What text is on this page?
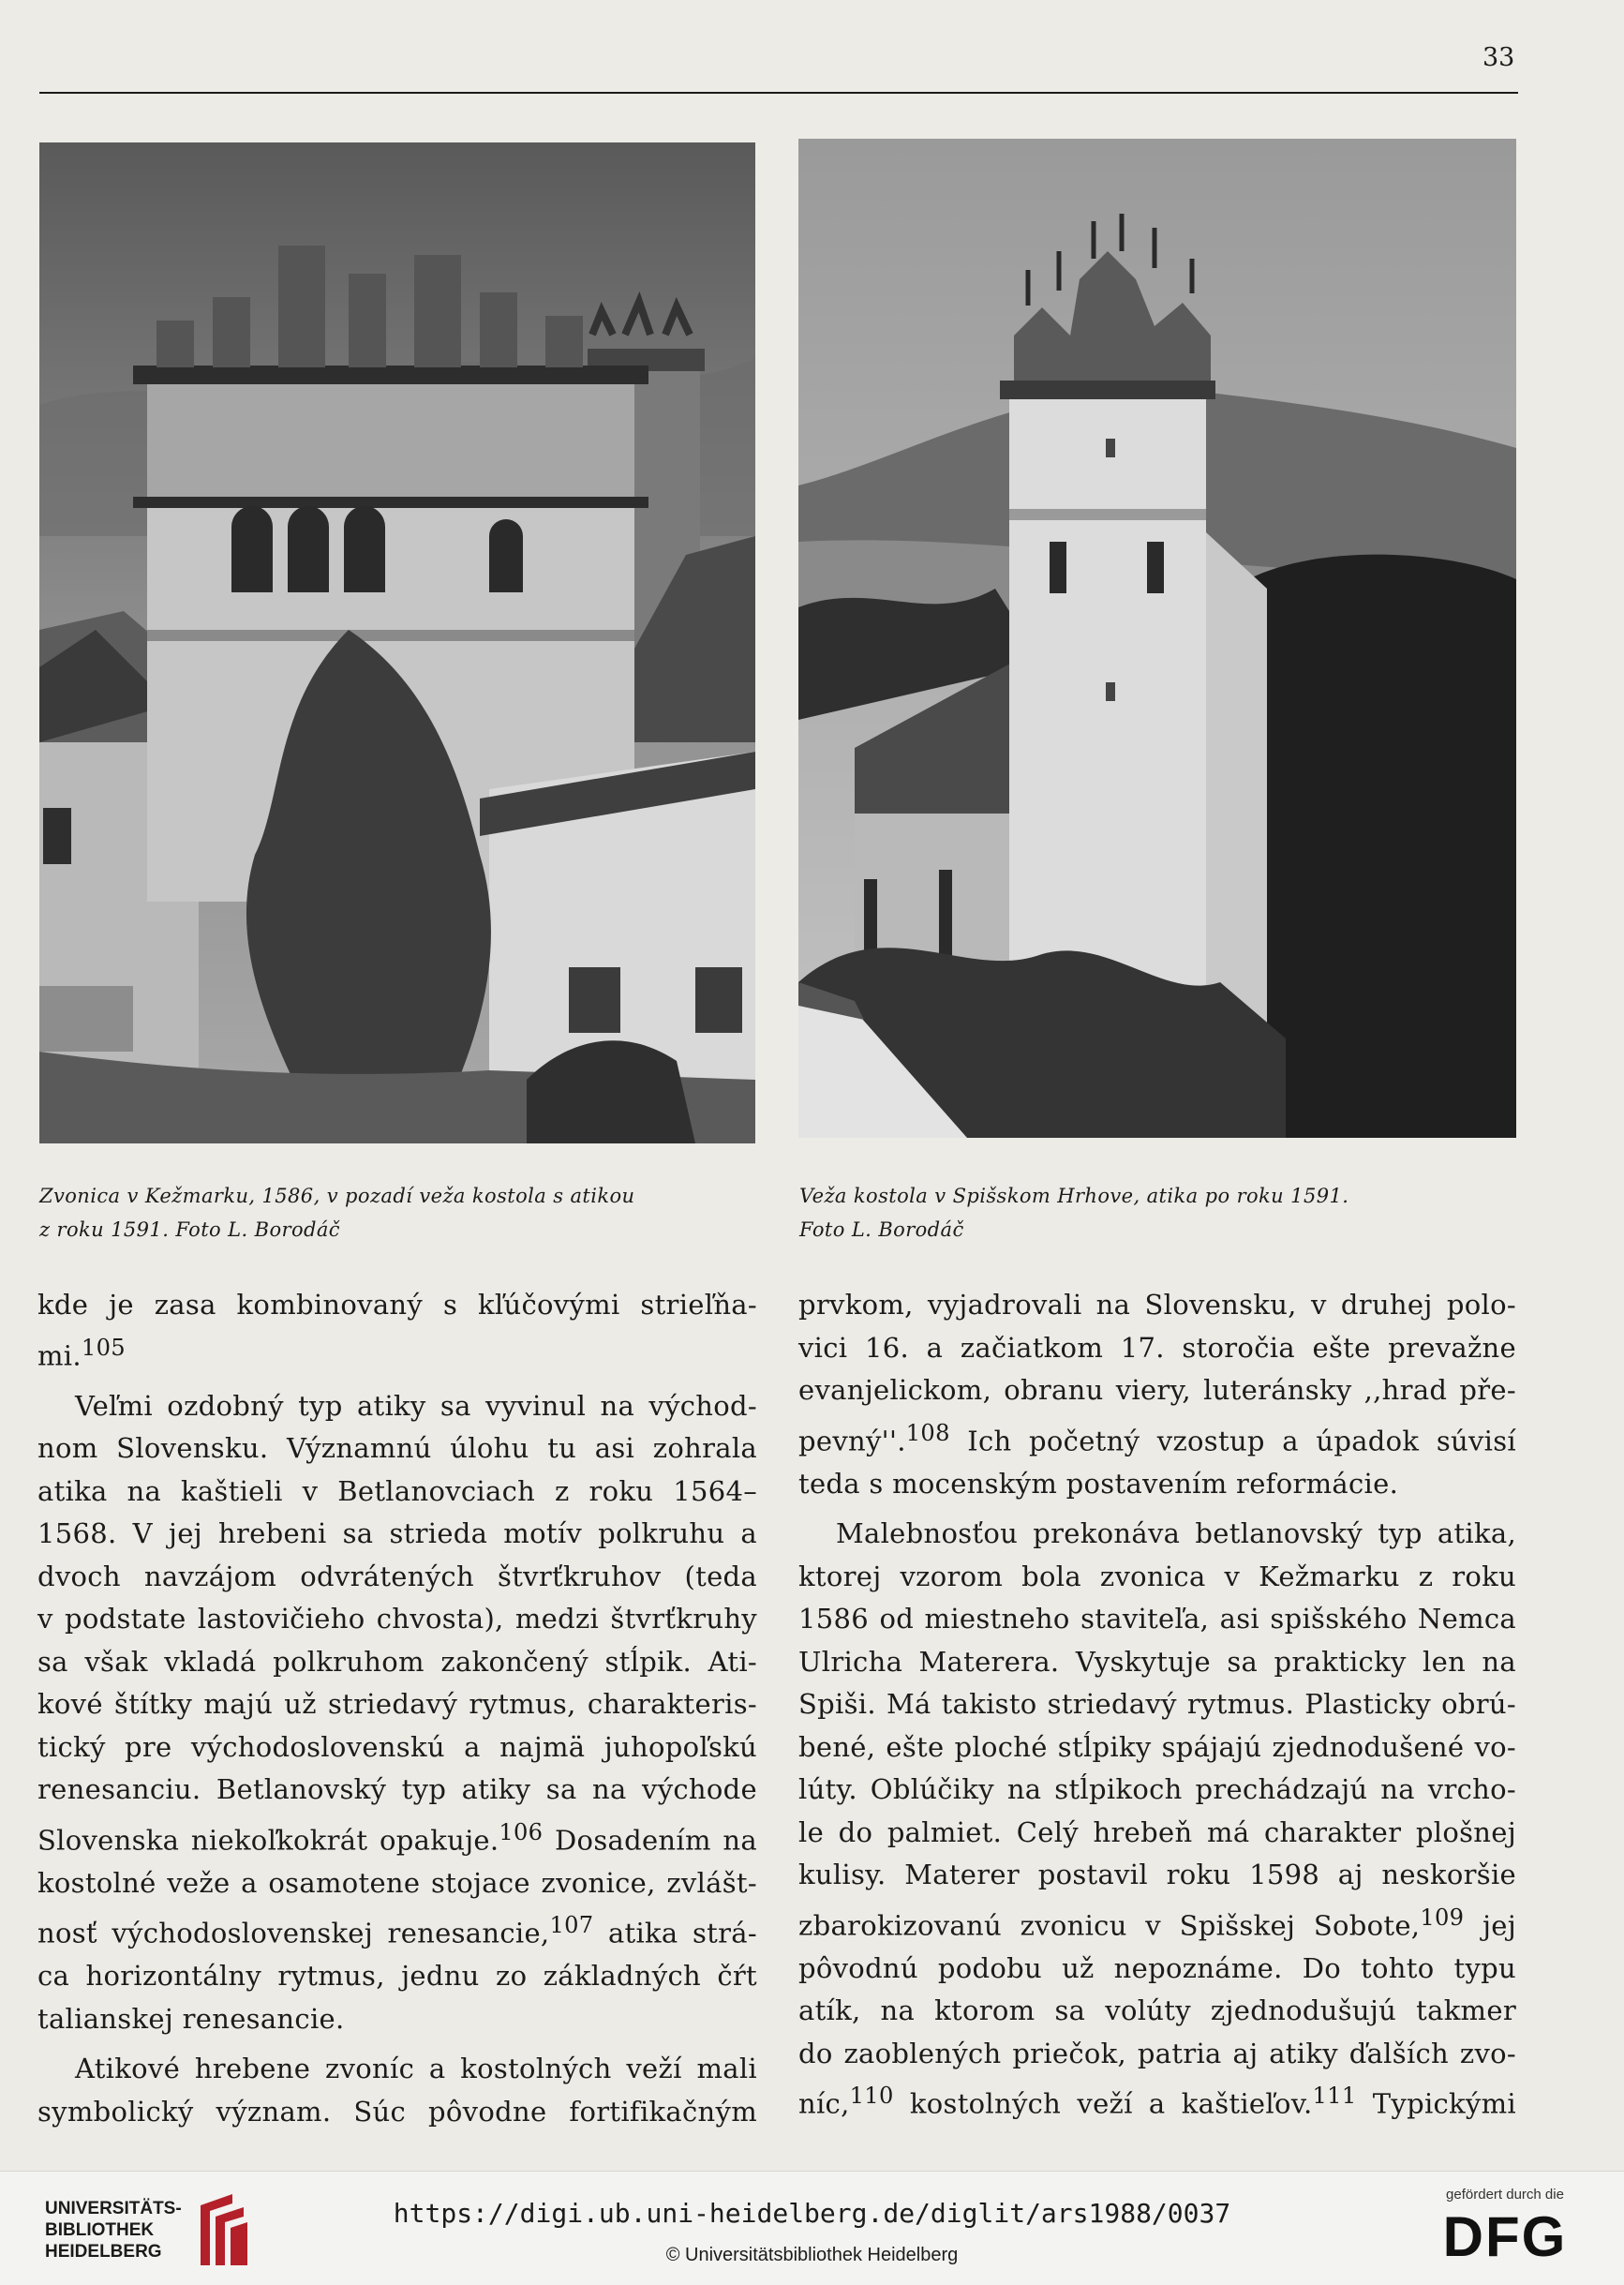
33
Zvonica v Kežmarku, 1586, v pozadí veža kostola s atikou
z roku 1591. Foto L. Borodáč
Veža kostola v Spišskom Hrhove, atika po roku 1591.
Foto L. Borodáč
kde je zasa kombinovaný s kľúčovými strieľňa-
mi.$^{105}$
Veľmi ozdobný typ atiky sa vyvinul na východ-
nom Slovensku. Významnú úlohu tu asi zohrala
atika na kaštieli v Betlanovciach z roku 1564–
1568. V jej hrebeni sa strieda motív polkruhu a
dvoch navzájom odvrátených štvrťkruhov (teda
v podstate lastovičieho chvosta), medzi štvrťkruhy
sa však vkladá polkruhom zakončený stĺpik. Ati-
kové štítky majú už striedavý rytmus, charakteris-
tický pre východoslovenskú a najmä juhopoľskú
renesanciu. Betlanovský typ atiky sa na východe
Slovenska niekoľkokrát opakuje.$^{106}$ Dosadením na
kostolné veže a osamotene stojace zvonice, zvlášt-
nosť východoslovenskej renesancie,$^{107}$ atika strá-
ca horizontálny rytmus, jednu zo základných čŕt
talianskej renesancie.
Atikové hrebene zvoníc a kostolných veží mali
symbolický význam. Súc pôvodne fortifikačným
prvkom, vyjadrovali na Slovensku, v druhej polo-
vici 16. a začiatkom 17. storočia ešte prevažne
evanjelickom, obranu viery, luteránsky ,,hrad pře-
pevný''.$^{108}$ Ich početný vzostup a úpadok súvisí
teda s mocenským postavením reformácie.
Malebnosťou prekonáva betlanovský typ atika,
ktorej vzorom bola zvonica v Kežmarku z roku
1586 od miestneho staviteľa, asi spišského Nemca
Ulricha Materera. Vyskytuje sa prakticky len na
Spiši. Má takisto striedavý rytmus. Plasticky obrú-
bené, ešte ploché stĺpiky spájajú zjednodušené vo-
lúty. Oblúčiky na stĺpikoch prechádzajú na vrcho-
le do palmiet. Celý hrebeň má charakter plošnej
kulisy. Materer postavil roku 1598 aj neskoršie
zbarokizovanú zvonicu v Spišskej Sobote,$^{109}$ jej
pôvodnú podobu už nepoznáme. Do tohto typu
atík, na ktorom sa volúty zjednodušujú takmer
do zaoblených priečok, patria aj atiky ďalších zvo-
níc,$^{110}$ kostolných veží a kaštieľov.$^{111}$ Typickými
UNIVERSITÄTS-
BIBLIOTHEK
HEIDELBERG
https://digi.ub.uni-heidelberg.de/diglit/ars1988/0037
© Universitätsbibliothek Heidelberg
gefördert durch die
DFG
